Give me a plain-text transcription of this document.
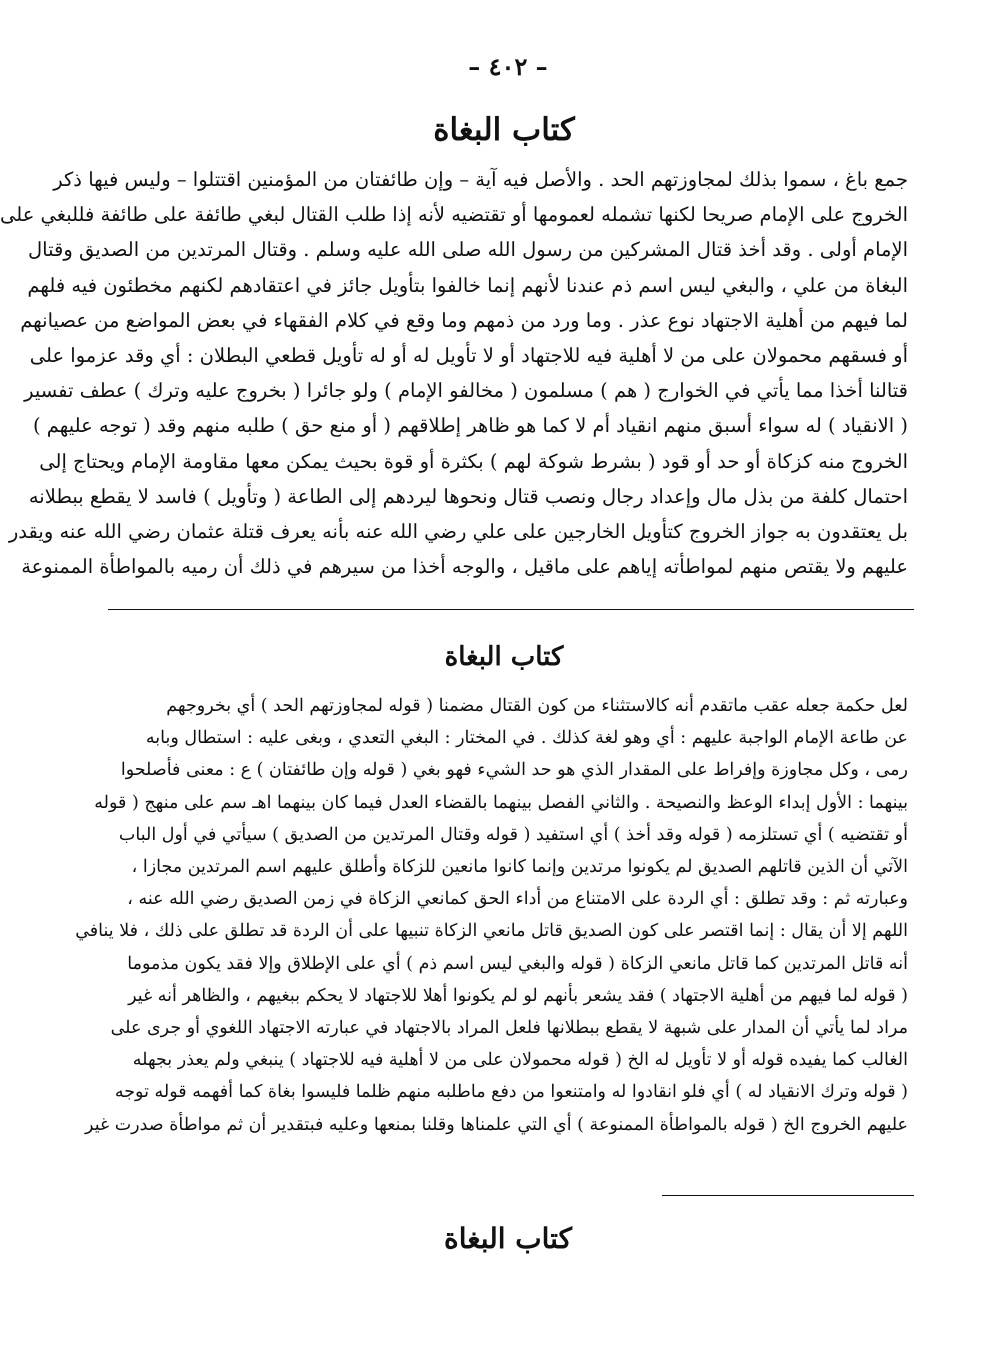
– ٤٠٢ –
كتاب البغاة
جمع باغ ، سموا بذلك لمجاوزتهم الحد . والأصل فيه آية – وإن طائفتان من المؤمنين اقتتلوا – وليس فيها ذكر
الخروج على الإمام صريحا لكنها تشمله لعمومها أو تقتضيه لأنه إذا طلب القتال لبغي طائفة على طائفة فللبغي على
الإمام أولى . وقد أخذ قتال المشركين من رسول الله صلى الله عليه وسلم . وقتال المرتدين من الصديق وقتال
البغاة من علي ، والبغي ليس اسم ذم عندنا لأنهم إنما خالفوا بتأويل جائز في اعتقادهم لكنهم مخطئون فيه فلهم
لما فيهم من أهلية الاجتهاد نوع عذر . وما ورد من ذمهم وما وقع في كلام الفقهاء في بعض المواضع من عصيانهم
أو فسقهم محمولان على من لا أهلية فيه للاجتهاد أو لا تأويل له أو له تأويل قطعي البطلان : أي وقد عزموا على
قتالنا أخذا مما يأتي في الخوارج ( هم ) مسلمون ( مخالفو الإمام ) ولو جائرا ( بخروج عليه وترك ) عطف تفسير
( الانقياد ) له سواء أسبق منهم انقياد أم لا كما هو ظاهر إطلاقهم ( أو منع حق ) طلبه منهم وقد ( توجه عليهم )
الخروج منه كزكاة أو حد أو قود ( بشرط شوكة لهم ) بكثرة أو قوة بحيث يمكن معها مقاومة الإمام ويحتاج إلى
احتمال كلفة من بذل مال وإعداد رجال ونصب قتال ونحوها ليردهم إلى الطاعة ( وتأويل ) فاسد لا يقطع ببطلانه
بل يعتقدون به جواز الخروج كتأويل الخارجين على علي رضي الله عنه بأنه يعرف قتلة عثمان رضي الله عنه ويقدر
عليهم ولا يقتص منهم لمواطأته إياهم على ماقيل ، والوجه أخذا من سيرهم في ذلك أن رميه بالمواطأة الممنوعة
كتاب البغاة
لعل حكمة جعله عقب ماتقدم أنه كالاستثناء من كون القتال مضمنا ( قوله لمجاوزتهم الحد ) أي بخروجهم
عن طاعة الإمام الواجبة عليهم : أي وهو لغة كذلك . في المختار : البغي التعدي ، وبغى عليه : استطال وبابه
رمى ، وكل مجاوزة وإفراط على المقدار الذي هو حد الشيء فهو بغي ( قوله وإن طائفتان ) ع : معنى فأصلحوا
بينهما : الأول إبداء الوعظ والنصيحة . والثاني الفصل بينهما بالقضاء العدل فيما كان بينهما اهـ سم على منهج ( قوله
أو تقتضيه ) أي تستلزمه ( قوله وقد أخذ ) أي استفيد ( قوله وقتال المرتدين من الصديق ) سيأتي في أول الباب
الآتي أن الذين قاتلهم الصديق لم يكونوا مرتدين وإنما كانوا مانعين للزكاة وأطلق عليهم اسم المرتدين مجازا ،
وعبارته ثم : وقد تطلق : أي الردة على الامتناع من أداء الحق كمانعي الزكاة في زمن الصديق رضي الله عنه ،
اللهم إلا أن يقال : إنما اقتصر على كون الصديق قاتل مانعي الزكاة تنبيها على أن الردة قد تطلق على ذلك ، فلا ينافي
أنه قاتل المرتدين كما قاتل مانعي الزكاة ( قوله والبغي ليس اسم ذم ) أي على الإطلاق وإلا فقد يكون مذموما
( قوله لما فيهم من أهلية الاجتهاد ) فقد يشعر بأنهم لو لم يكونوا أهلا للاجتهاد لا يحكم ببغيهم ، والظاهر أنه غير
مراد لما يأتي أن المدار على شبهة لا يقطع ببطلانها فلعل المراد بالاجتهاد في عبارته الاجتهاد اللغوي أو جرى على
الغالب كما يفيده قوله أو لا تأويل له الخ ( قوله محمولان على من لا أهلية فيه للاجتهاد ) ينبغي ولم يعذر بجهله
( قوله وترك الانقياد له ) أي فلو انقادوا له وامتنعوا من دفع ماطلبه منهم ظلما فليسوا بغاة كما أفهمه قوله توجه
عليهم الخروج الخ ( قوله بالمواطأة الممنوعة ) أي التي علمناها وقلنا بمنعها وعليه فبتقدير أن ثم مواطأة صدرت غير
كتاب البغاة
